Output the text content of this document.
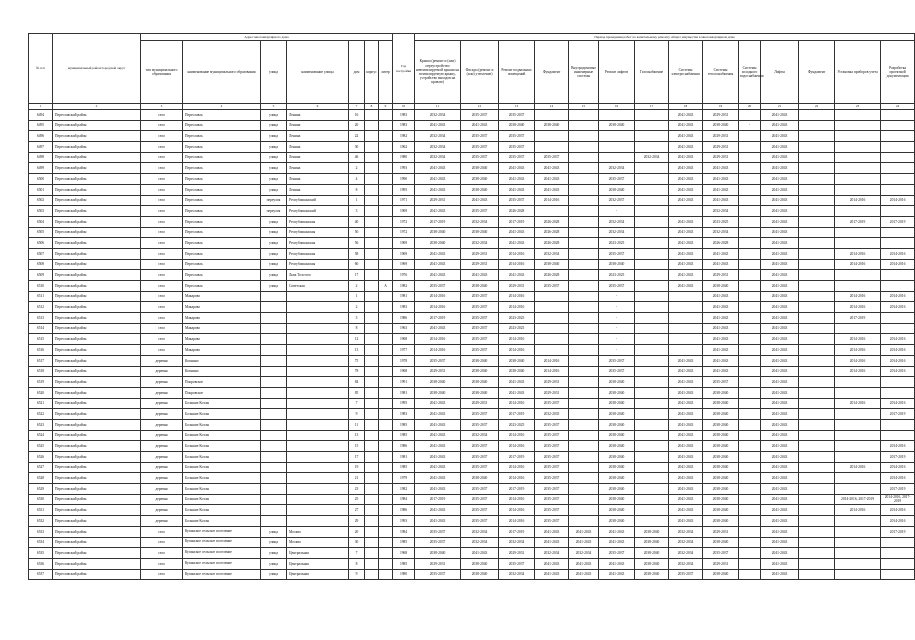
№ п/п	муниципальный район/городской округ	Адрес многоквартирного дома							Год постройки	Период проведения работ по капитальному ремонту общего имущества в многоквартирном доме													
		тип муниципального образования	наименование муниципального образования	улица	наименование улицы	дом	корпус	литер		Крыша (ремонт и (или) переустройство невентилируемой крыши на вентилируемую крышу, устройство выходов на кровлю)	Фасады (ремонт и (или) утепление)	Ремонт подвальных помещений	Фундамент	Внутридомовые инженерные системы	Ремонт лифтов	Газоснабжение	Системы электроснабжения	Системы теплоснабжения	Системы холодного водоснабжения	Лифты	Фундамент	Установка приборов учета	Разработка проектной документации
1	2	3	4	5	6	7	8	9	10	11	12	13	14	15	16	17	18	19	20	21	22	23	24
6494	Переславский район	село	Переславль	улица	Ленина	16			1983	2032-2034	2035-2037	2035-2037					2041-2043	2029-2031		2041-2043			
6495	Переславский район	село	Переславль	улица	Ленина	20			1983	2041-2043	2041-2043	2038-2040	2038-2040		2038-2040		2041-2043	2038-2040	-	2041-2043			
6496	Переславский район	село	Переславль	улица	Ленина	22			1982	2032-2034	2035-2037	2035-2037					2041-2043	2029-2031		2041-2043			
6497	Переславский район	село	Переславль	улица	Ленина	30			1962	2032-2034	2035-2037	2035-2037					2041-2043	2029-2031		2041-2043			
6498	Переславский район	село	Переславль	улица	Ленина	46			1980	2032-2034	2035-2037	2035-2037	2035-2037			2032-2034	2041-2043	2029-2031		2041-2043			
6499	Переславский район	село	Переславль	улица	Ленина	2			1993	2041-2043	2038-2040	2041-2043	2041-2043		2032-2034		2041-2043	2041-2043		2041-2043			
6500	Переславский район	село	Переславль	улица	Ленина	4			1990	2041-2043	2038-2040	2041-2043	2041-2043		2035-2037		2041-2043	2041-2043		2041-2043			
6501	Переславский район	село	Переславль	улица	Ленина	8			1995	2041-2043	2038-2040	2041-2043	2041-2043		2038-2040		2041-2043	2041-2043		2041-2043			
6502	Переславский район	село	Переславль	переулок	Республиканский	1			1971	2029-2031	2041-2043	2035-2037	2014-2016		2032-2037		2041-2043	2041-2043		2041-2043		2014-2016	2014-2016
6503	Переславский район	село	Переславль	переулок	Республиканский	3			1969	2041-2043	2035-2037	2026-2028			-			2032-2034		2041-2043			
6504	Переславский район	село	Переславль	улица	Республиканская	40			1972	2017-2019	2032-2034	2017-2019	2026-2028		2032-2034		2041-2043	2023-2025		2041-2043		2017-2019	2017-2019
6505	Переславский район	село	Переславль	улица	Республиканская	50			1972	2038-2040	2038-2040	2041-2043	2026-2028		2032-2034		2041-2043	2032-2034		2041-2043			
6506	Переславский район	село	Переславль	улица	Республиканская	56			1969	2038-2040	2032-2034	2041-2043	2026-2028		2023-2025		2041-2043	2026-2028		2041-2043			
6507	Переславский район	село	Переславль	улица	Республиканская	58			1969	2041-2043	2029-2031	2014-2016	2032-2034		2035-2037		2041-2043	2041-2043		2041-2043		2014-2016	2014-2016
6508	Переславский район	село	Переславль	улица	Республиканская	60			1969	2041-2043	2029-2031	2014-2016	2038-2040		2038-2040		2041-2043	2041-2043		2041-2043		2014-2016	2014-2016
6509	Переславский район	село	Переславль	улица	Льва Толстого	17			1976	2041-2043	2041-2043	2041-2043	2026-2028		2023-2025		2041-2043	2029-2031		2041-2043			
6510	Переславский район	село	Переславль	улица	Советская	2		А	1982	2035-2037	2038-2040	2029-2031	2035-2037		2035-2037		2041-2043	2038-2040		2041-2043			
6511	Переславский район	село	Макарово			1			1981	2014-2016	2035-2037	2014-2016			-			2041-2043		2041-2043		2014-2016	2014-2016
6512	Переславский район	село	Макарово			2			1983	2014-2016	2035-2037	2014-2016			-			2041-2043		2041-2043		2014-2016	2014-2016
6513	Переславский район	село	Макарово			3			1986	2017-2019	2035-2037	2023-2025			-			2041-2043		2041-2043		2017-2019	
6514	Переславский район	село	Макарово			8			1963	2041-2043	2035-2037	2023-2025			-			2041-2043		2041-2043			
6515	Переславский район	село	Макарово			12			1968	2014-2016	2035-2037	2014-2016			-			2041-2043		2041-2043		2014-2016	2014-2016
6516	Переславский район	село	Макарово			13			1977	2014-2016	2035-2037	2014-2016			-			2041-2043		2041-2043		2014-2016	2014-2016
6517	Переславский район	деревня	Копнино			75			1978	2035-2037	2038-2040	2038-2040	2014-2016		2035-2037		2041-2043	2041-2043		2041-2043		2014-2016	2014-2016
6518	Переславский район	деревня	Копнино			78			1968	2029-2031	2038-2040	2038-2040	2014-2016		2035-2037		2041-2043	2041-2043		2041-2043		2014-2016	2014-2016
6519	Переславский район	деревня	Покровское			84			1991	2038-2040	2038-2040	2041-2043	2029-2031		2038-2040		2041-2043	2035-2037		2041-2043			
6520	Переславский район	деревня	Покровское			85			1981	2038-2040	2038-2040	2041-2043	2029-2031		2038-2040		2041-2043	2038-2040		2041-2043			
6521	Переславский район	деревня	Большие Козлы			7			1995	2041-2043	2029-2031	2014-2016	2035-2037		2038-2040		2041-2043	2038-2040		2041-2043		2014-2016	2014-2016
6522	Переславский район	деревня	Большие Козлы			9			1983	2041-2043	2035-2037	2017-2019	2032-2035		2038-2040		2041-2043	2038-2040		2041-2043			2017-2019
6523	Переславский район	деревня	Большие Козлы			11			1985	2041-2043	2035-2037	2023-2025	2035-2037		2038-2040		2041-2043	2038-2040		2041-2043			
6524	Переславский район	деревня	Большие Козлы			13			1985	2041-2043	2032-2034	2014-2016	2035-2037		2038-2040		2041-2043	2038-2040		2041-2043			
6525	Переславский район	деревня	Большие Козлы			15			1986	2041-2043	2035-2037	2014-2016	2035-2037		2038-2040		2041-2043	2038-2040		2041-2043			2014-2016
6526	Переславский район	деревня	Большие Козлы			17			1981	2041-2043	2035-2037	2017-2019	2035-2037		2038-2040		2041-2043	2038-2040		2041-2043			2017-2019
6527	Переславский район	деревня	Большие Козлы			19			1985	2041-2043	2035-2037	2014-2016	2035-2037		2038-2040		2041-2043	2038-2040		2041-2043		2014-2016	2014-2016
6528	Переславский район	деревня	Большие Козлы			21			1979	2041-2043	2038-2040	2014-2016	2035-2037		2038-2040		2041-2043	2038-2040		2041-2043			2014-2016
6529	Переславский район	деревня	Большие Козлы			23			1982	2041-2043	2035-2037	2017-2019	2035-2037		2038-2040		2041-2043	2038-2040		2041-2043			2017-2019
6530	Переславский район	деревня	Большие Козлы			25			1984	2017-2019	2035-2037	2014-2016	2035-2037		2038-2040		2041-2043	2038-2040		2041-2043		2014-2016, 2017-2019	2014-2016, 2017-2019
6531	Переславский район	деревня	Большие Козлы			27			1986	2041-2043	2035-2037	2014-2016	2035-2037		2038-2040		2041-2043	2038-2040		2041-2043		2014-2016	2014-2016
6532	Переславский район	деревня	Большие Козлы			29			1993	2041-2043	2035-2037	2014-2016	2035-2037		2038-2040		2041-2043	2038-2040		2041-2043			2014-2016
6533	Переславский район	село	Купанское сельское поселение	улица	Москва	20			1984	2035-2037	2032-2034	2017-2019	2041-2043	2041-2043	2041-2043	2038-2040	2032-2034	2029-2031		2041-2043			2017-2019
6534	Переславский район	село	Купанское сельское поселение	улица	Москва	30			1985	2035-2037	2032-2034	2032-2034	2041-2043	2041-2043	2041-2043	2038-2040	2032-2034	2038-2040		2041-2043			
6535	Переславский район	село	Купанское сельское поселение	улица	Центральная	7			1968	2038-2040	2041-2043	2029-2031	2032-2034	2032-2034	2035-2037	2038-2040	2032-2034	2035-2037		2041-2043			
6536	Переславский район	село	Купанское сельское поселение	улица	Центральная	8			1985	2029-2031	2038-2040	2035-2037	2041-2043	2041-2043	2041-2043	2038-2040	2032-2034	2029-2031		2041-2043			
6537	Переславский район	село	Купанское сельское поселение	улица	Центральная	9			1980	2035-2037	2038-2040	2032-2034	2041-2043	2041-2043	2041-2043	2038-2040	2035-2037	2038-2040		2041-2043			
